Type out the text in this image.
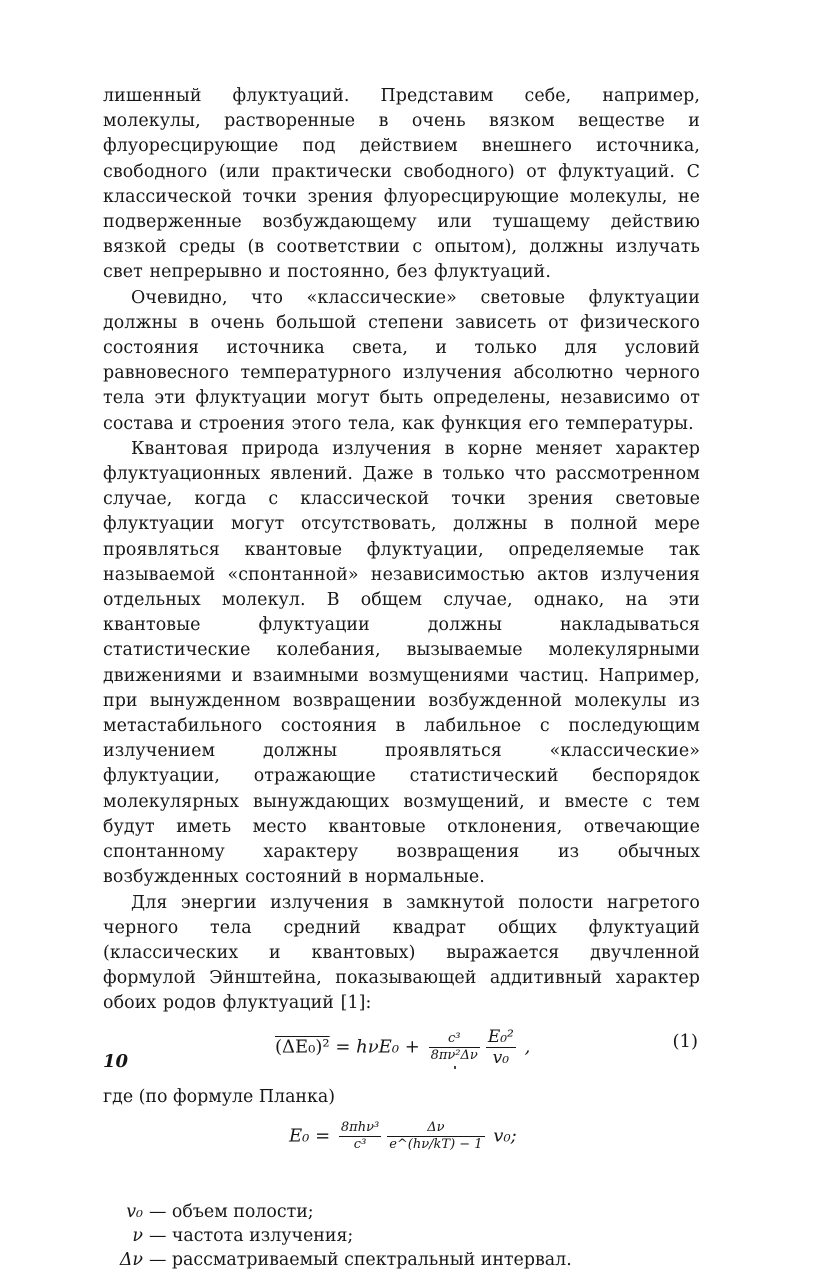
лишенный флуктуаций. Представим себе, например, молекулы, растворенные в очень вязком веществе и флуоресцирующие под действием внешнего источника, свободного (или практически свободного) от флуктуаций. С классической точки зрения флуоресцирующие молекулы, не подверженные возбуждающему или тушащему действию вязкой среды (в соответствии с опытом), должны излучать свет непрерывно и постоянно, без флуктуаций.

Очевидно, что «классические» световые флуктуации должны в очень большой степени зависеть от физического состояния источника света, и только для условий равновесного температурного излучения абсолютно черного тела эти флуктуации могут быть определены, независимо от состава и строения этого тела, как функция его температуры.

Квантовая природа излучения в корне меняет характер флуктуационных явлений. Даже в только что рассмотренном случае, когда с классической точки зрения световые флуктуации могут отсутствовать, должны в полной мере проявляться квантовые флуктуации, определяемые так называемой «спонтанной» независимостью актов излучения отдельных молекул. В общем случае, однако, на эти квантовые флуктуации должны накладываться статистические колебания, вызываемые молекулярными движениями и взаимными возмущениями частиц. Например, при вынужденном возвращении возбужденной молекулы из метастабильного состояния в лабильное с последующим излучением должны проявляться «классические» флуктуации, отражающие статистический беспорядок молекулярных вынуждающих возмущений, и вместе с тем будут иметь место квантовые отклонения, отвечающие спонтанному характеру возвращения из обычных возбужденных состояний в нормальные.

Для энергии излучения в замкнутой полости нагретого черного тела средний квадрат общих флуктуаций (классических и квантовых) выражается двучленной формулой Эйнштейна, показывающей аддитивный характер обоих родов флуктуаций [1]:

$(\Delta E_0)^2 = h\nu E_0 + \frac{\text{c³}}{\text{8πν²Δν}} \frac{\text{E₀²}}{\text{v₀}}$ ,	(1)
где (по формуле Планка)
$E_0 = \frac{\text{8πhν³}}{\text{c³}} \frac{\Delta\nu}{e\^{}(h\nu/kT) - 1} v_0$;
v₀ — объем полости;
ν — частота излучения;
Δν — рассматриваемый спектральный интервал.
10
